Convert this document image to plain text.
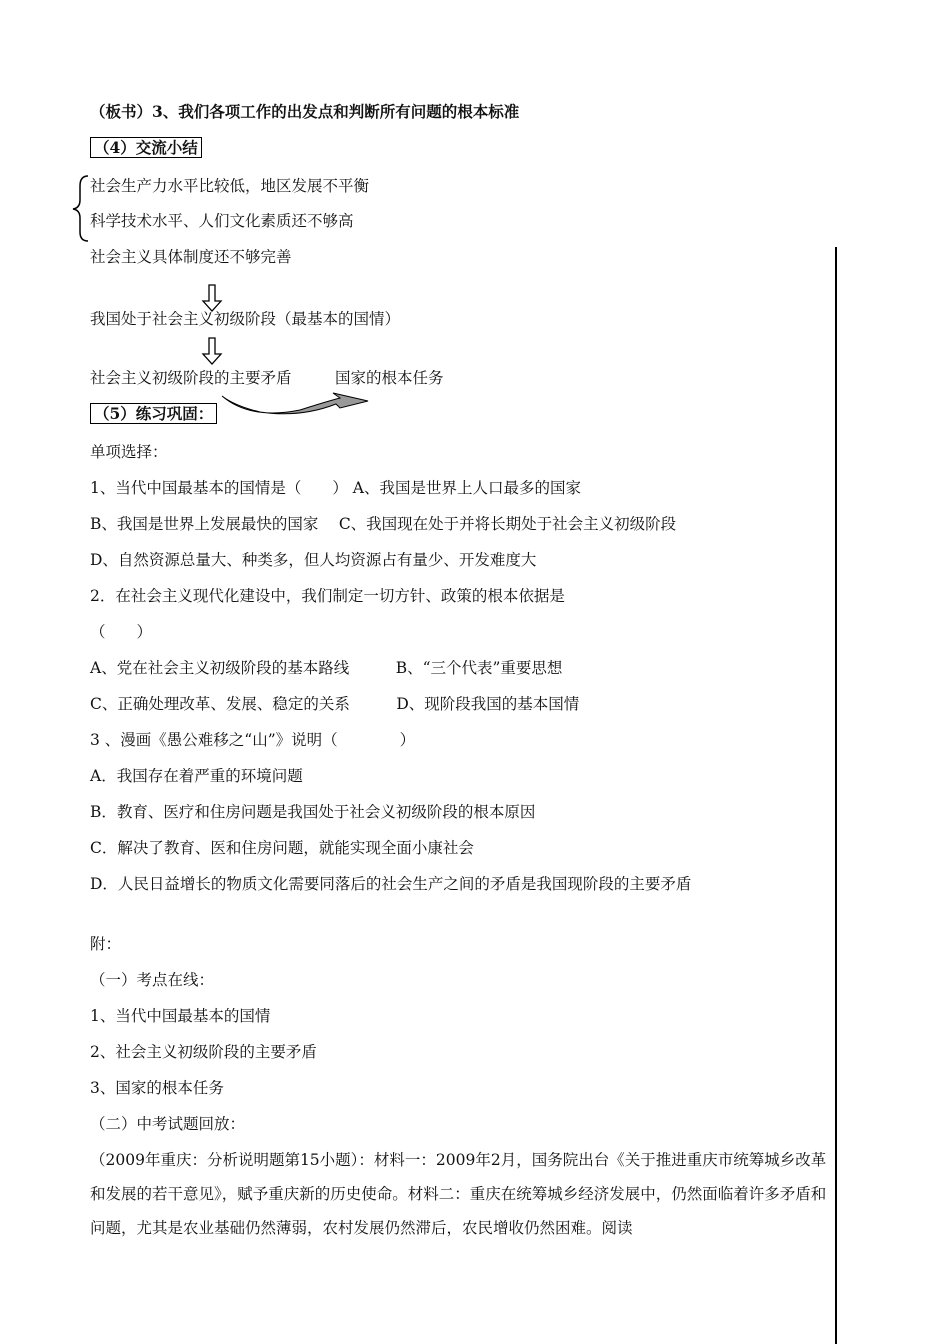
（板书）3、我们各项工作的出发点和判断所有问题的根本标准
（4）交流小结
社会生产力水平比较低，地区发展不平衡
科学技术水平、人们文化素质还不够高
社会主义具体制度还不够完善
我国处于社会主义初级阶段（最基本的国情）
社会主义初级阶段的主要矛盾	国家的根本任务
（5）练习巩固：
单项选择：
1、当代中国最基本的国情是（　　） A、我国是世界上人口最多的国家
B、我国是世界上发展最快的国家　 C、我国现在处于并将长期处于社会主义初级阶段
D、自然资源总量大、种类多，但人均资源占有量少、开发难度大
2．在社会主义现代化建设中，我们制定一切方针、政策的根本依据是
（　　）
A、党在社会主义初级阶段的基本路线　　　B、“三个代表”重要思想
C、正确处理改革、发展、稳定的关系　　　D、现阶段我国的基本国情
3 、漫画《愚公难移之“山”》说明（　　　　）
A．我国存在着严重的环境问题
B．教育、医疗和住房问题是我国处于社会义初级阶段的根本原因
C．解决了教育、医和住房问题，就能实现全面小康社会
D．人民日益增长的物质文化需要同落后的社会生产之间的矛盾是我国现阶段的主要矛盾
附：
（一）考点在线：
1、当代中国最基本的国情
2、社会主义初级阶段的主要矛盾
3、国家的根本任务
（二）中考试题回放：
（2009年重庆：分析说明题第15小题）：材料一：2009年2月，国务院出台《关于推进重庆市统筹城乡改革和发展的若干意见》，赋予重庆新的历史使命。材料二：重庆在统筹城乡经济发展中，仍然面临着许多矛盾和问题，尤其是农业基础仍然薄弱，农村发展仍然滞后，农民增收仍然困难。阅读
